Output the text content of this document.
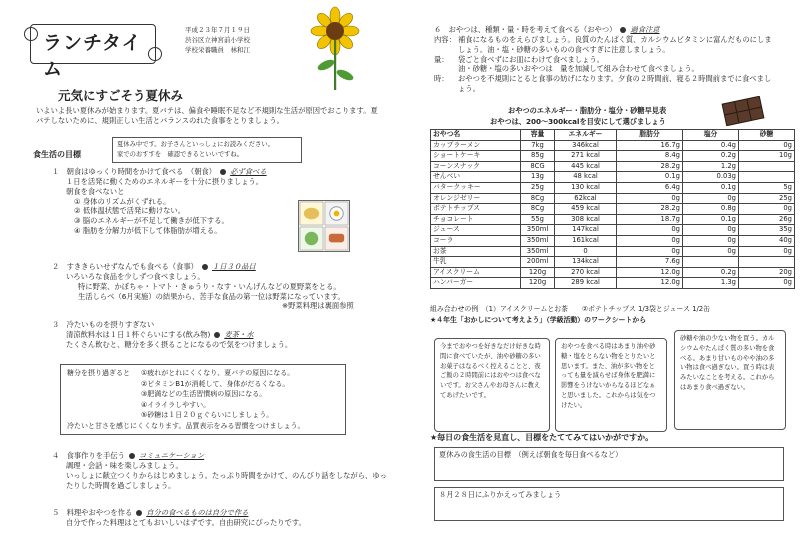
ランチタイム
平成２３年７月１９日
渋谷区立神宮前小学校
学校栄養職員　林和江
元気にすごそう夏休み
いよいよ長い夏休みが始まります。夏バテは、偏食や睡眠不足など不規則な生活が原因でおこります。夏バテしないために、規則正しい生活とバランスのれた食事をとりましょう。
食生活の目標
夏休み中です。お子さんといっしょにお読みください。
家でのおすすを　確認できるといいですね。
１　朝食はゆっくり時間をかけて食べる　（朝食） 必ず食べる
１日を活発に動くためのエネルギーを十分に摂りましょう。
朝食を食べないと
① 身体のリズムがくずれる。
② 低体温状態で活発に動けない。
③ 脳のエネルギーが不足して働きが低下する。
④ 脂肪を分解力が低下して体脂肪が増える。
２　すききらいせずなんでも食べる（食事） １日３０品目
いろいろな食品を少しずつ食べましょう。
特に野菜、かぼちゃ・トマト・きゅうり・なす・いんげんなどの夏野菜をとる。
生活しらべ（6月実施）の結果から、苦手な食品の第一位は野菜になっています。
※野菜料理は裏面参照
３　冷たいものを摂りすぎない
清涼飲料水は１日１杯ぐらいにする(飲み物) 麦茶・水
たくさん飲むと、糖分を多く摂ることになるので気をつけましょう。
糖分を摂り過ぎると	①疲れがとれにくくなり、夏バテの原因になる。
②ビタミンB1が消耗して、身体がだるくなる。
③肥満などの生活習慣病の原因になる。
④イライラしやすい。
⑤砂糖は１日２０ｇぐらいにしましょう。
冷たいと甘さを感じにくくなります。品質表示をみる習慣をつけましょう。
４　食事作りを手伝う コミュニケーション
調理・会話・味を楽しみましょう。
いっしょに献立つくりからはじめましょう。たっぷり時間をかけて、のんびり話をしながら、ゆったりした時間を過ごしましょう。
５　料理やおやつを作る 自分の食べるものは自分で作る
自分で作った料理はとてもおいしいはずです。自由研究にぴったりです。
６　おやつは、種類・量・時を考えて食べる（おやつ） 過食注意
内容： 補食になるものをえらびましょう。良質のたんぱく質、カルシウムビタミンに富んだものにしましょう。油・塩・砂糖の多いものの食べすぎに注意しましょう。
量：	袋ごと食べずにお皿にわけて食べましょう。
油・砂糖・塩の多いおやつは　量を加減して組み合わせて食べましょう。
時：	おやつを不規則にとると食事の妨げになります。夕食の２時間前、寝る２時間前までに食べましょう。
おやつのエネルギー・脂肪分・塩分・砂糖早見表
おやつは、200～300kcalを目安にして選びましょう
おやつ名	容量	エネルギー	脂肪分	塩分	砂糖
カップラーメン	7kg	346kcal	16.7g	0.4g	0g
ショートケーキ	85g	271 kcal	8.4g	0.2g	10g
コーンスナック	8CG	445 kcal	28.2g	1.2g	
せんべい	13g	48 kcal	0.1g	0.03g	
バタークッキー	25g	130 kcal	6.4g	0.1g	5g
オレンジゼリー	8Cg	62kcal	0g	0g	25g
ポテトチップス	8Cg	459 kcal	28.2g	0.8g	0g
チョコレート	55g	308 kcal	18.7g	0.1g	26g
ジュース	350ml	147kcal	0g	0g	35g
コーラ	350ml	161kcal	0g	0g	40g
お茶	350ml	0	0g	0g	0g
牛乳	200ml	134kcal	7.6g		
アイスクリーム	120g	270 kcal	12.0g	0.2g	20g
ハンバーガー	120g	289 kcal	12.0g	1.3g	0g
組み合わせの例　（1）アイスクリームとお茶　　②ポテトチップス 1/3袋とジュース 1/2缶
★４年生「おかしについて考えよう」（学級活動）のワークシートから
今までおやつを好きなだけ好きな時間に食べていたが、油や砂糖の多いお菓子はなるべく控えることと、夜ご飯の２時間前にはおやつは食べないです。お父さんやお母さんに教えてあげたいです。
おやつを食べる時はあまり油や砂糖・塩をとらない物をとりたいと思います。また、油が多い物をとっても量を減らせば身体を肥満に影響をうけないからなるほどなぁと思いました。これからは気をつけたい。
砂糖や油の少ない物を買う。カルシウムやたんぱく質の多い物を食べる。あまり甘いものやや油の多い物は食べ過ぎない。買う時は表みたいなことを考える。これからはあまり食べ過ぎない。
★毎日の食生活を見直し、目標をたててみてはいかがですか。
夏休みの食生活の目標　（例えば朝食を毎日食べるなど）
８月２８日にふりかえってみましょう
